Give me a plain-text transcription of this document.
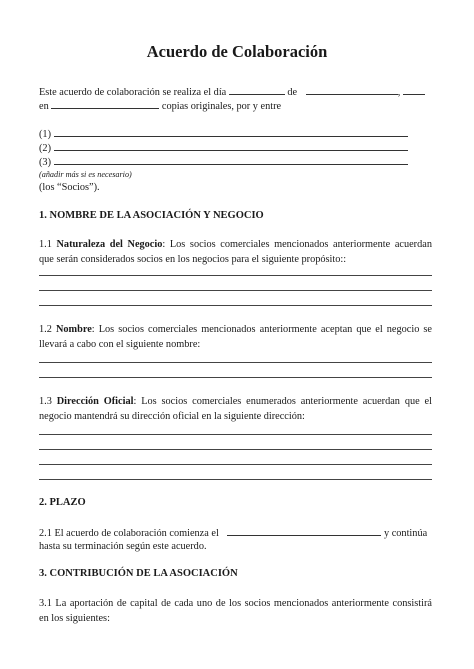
Acuerdo de Colaboración
Este acuerdo de colaboración se realiza el día	de	,
en	copias originales, por y entre
(1)
(2)
(3)
(añadir más si es necesario)
(los “Socios”).
1. NOMBRE DE LA ASOCIACIÓN Y NEGOCIO
1.1 Naturaleza del Negocio: Los socios comerciales mencionados anteriormente acuerdan
que serán considerados socios en los negocios para el siguiente propósito::
1.2 Nombre: Los socios comerciales mencionados anteriormente aceptan que el negocio se
llevará a cabo con el siguiente nombre:
1.3 Dirección Oficial: Los socios comerciales enumerados anteriormente acuerdan que el
negocio mantendrá su dirección oficial en la siguiente dirección:
2. PLAZO
2.1 El acuerdo de colaboración comienza el	y continúa
hasta su terminación según este acuerdo.
3. CONTRIBUCIÓN DE LA ASOCIACIÓN
3.1 La aportación de capital de cada uno de los socios mencionados anteriormente consistirá
en los siguientes:
